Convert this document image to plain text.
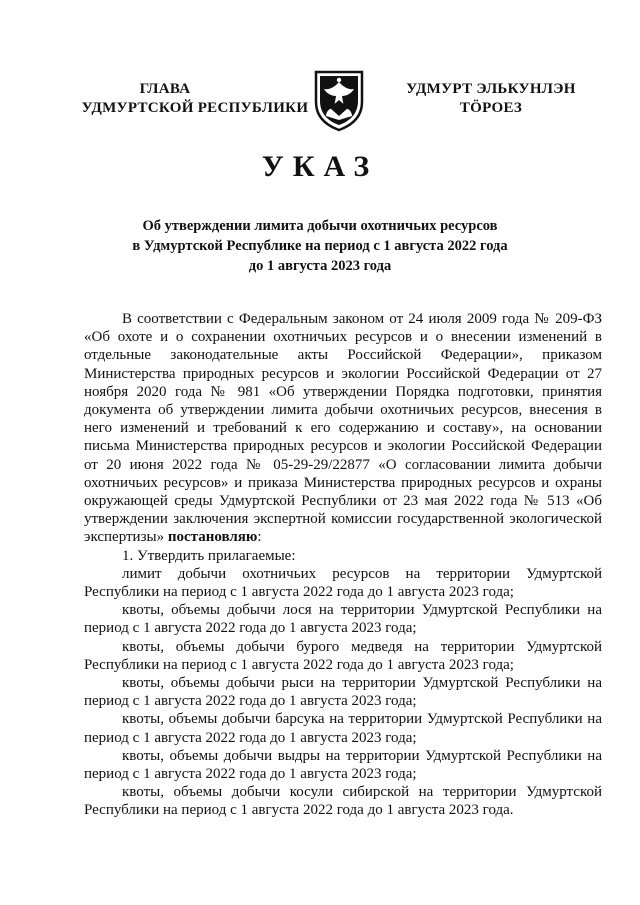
ГЛАВА
УДМУРТСКОЙ РЕСПУБЛИКИ
УДМУРТ ЭЛЬКУНЛЭН
ТӦРОЕЗ
УКАЗ
Об утверждении лимита добычи охотничьих ресурсов
в Удмуртской Республике на период с 1 августа 2022 года
до 1 августа 2023 года

В соответствии с Федеральным законом от 24 июля 2009 года № 209-ФЗ «Об охоте и о сохранении охотничьих ресурсов и о внесении изменений в отдельные законодательные акты Российской Федерации», приказом Министерства природных ресурсов и экологии Российской Федерации от 27 ноября 2020 года № 981 «Об утверждении Порядка подготовки, принятия документа об утверждении лимита добычи охотничьих ресурсов, внесения в него изменений и требований к его содержанию и составу», на основании письма Министерства природных ресурсов и экологии Российской Федерации от 20 июня 2022 года № 05-29-29/22877 «О согласовании лимита добычи охотничьих ресурсов» и приказа Министерства природных ресурсов и охраны окружающей среды Удмуртской Республики от 23 мая 2022 года № 513 «Об утверждении заключения экспертной комиссии государственной экологической экспертизы» постановляю:

1. Утвердить прилагаемые:

лимит добычи охотничьих ресурсов на территории Удмуртской Республики на период с 1 августа 2022 года до 1 августа 2023 года;

квоты, объемы добычи лося на территории Удмуртской Республики на период с 1 августа 2022 года до 1 августа 2023 года;

квоты, объемы добычи бурого медведя на территории Удмуртской Республики на период с 1 августа 2022 года до 1 августа 2023 года;

квоты, объемы добычи рыси на территории Удмуртской Республики на период с 1 августа 2022 года до 1 августа 2023 года;

квоты, объемы добычи барсука на территории Удмуртской Республики на период с 1 августа 2022 года до 1 августа 2023 года;

квоты, объемы добычи выдры на территории Удмуртской Республики на период с 1 августа 2022 года до 1 августа 2023 года;

квоты, объемы добычи косули сибирской на территории Удмуртской Республики на период с 1 августа 2022 года до 1 августа 2023 года.
